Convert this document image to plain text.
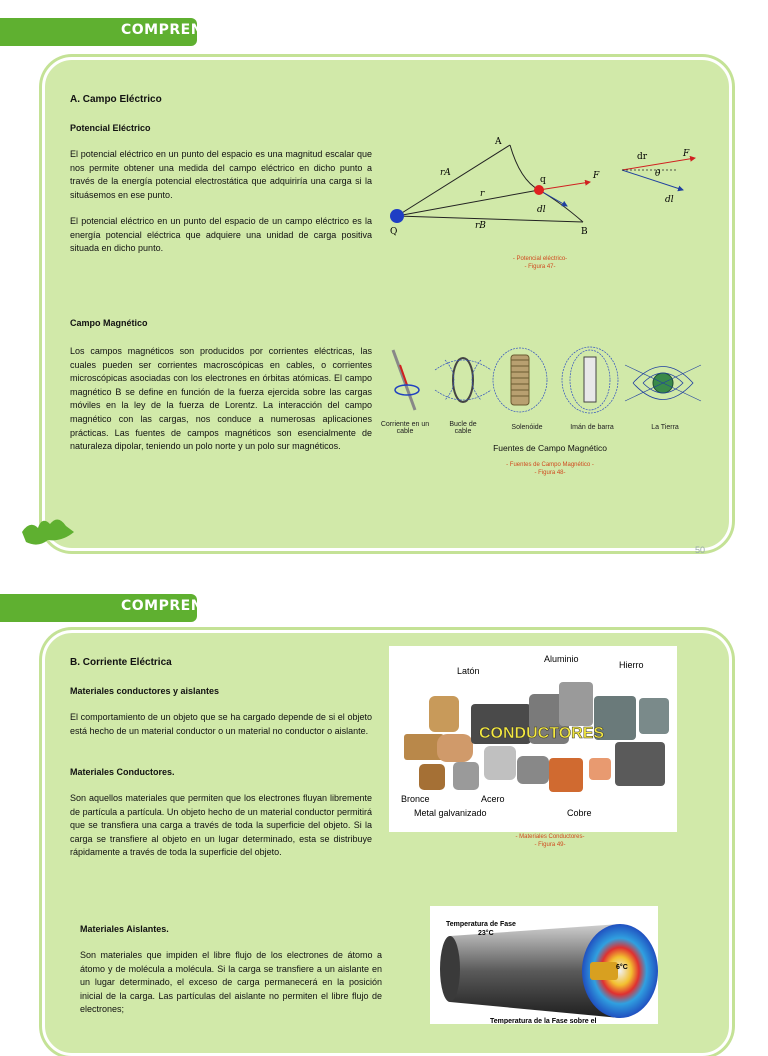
COMPRENDO
A. Campo Eléctrico
Potencial Eléctrico
El potencial eléctrico en un punto del espacio es una magnitud escalar que nos permite obtener una medida del campo eléctrico en dicho punto a través de la energía potencial electrostática que adquiriría una carga si la situásemos en ese punto.
El potencial eléctrico en un punto del espacio de un campo eléctrico es la energía potencial eléctrica que adquiere una unidad de carga positiva situada en dicho punto.
A
B
Q
q
rA
r
rB
F
dl
dr	F
θ
dl
- Potencial eléctrico-
- Figura 47-
Campo Magnético
Los campos magnéticos son producidos por corrientes eléctricas, las cuales pueden ser corrientes macroscópicas en cables, o corrientes microscópicas asociadas con los electrones en órbitas atómicas. El campo magnético B se define en función de la fuerza ejercida sobre las cargas móviles en la ley de la fuerza de Lorentz. La interacción del campo magnético con las cargas, nos conduce a numerosas aplicaciones prácticas. Las fuentes de campos magnéticos son esencialmente de naturaleza dipolar, teniendo un polo norte y un polo sur magnéticos.
Corriente en un cable
Bucle de cable
Solenóide	Imán de barra	La Tierra
Fuentes de Campo Magnético
- Fuentes de Campo Magnético -
- Figura 48-
50
COMPRENDO
B. Corriente Eléctrica
Materiales conductores y aislantes
El comportamiento de un objeto que se ha cargado depende de si el objeto está hecho de un material conductor o un material no conductor o aislante.
Materiales Conductores.
Son aquellos materiales que permiten que los electrones fluyan libremente de partícula a partícula. Un objeto hecho de un material conductor permitirá que se transfiera una carga a través de toda la superficie del objeto. Si la carga se transfiere al objeto en un lugar determinado, esta se distribuye rápidamente a través de toda la superficie del objeto.
CONDUCTORES
Latón
Aluminio
Hierro
Bronce	Acero
Cobre
Metal galvanizado
- Materiales Conductores-
- Figura 49-
Materiales Aislantes.
Son materiales que impiden el libre flujo de los electrones de átomo a átomo y de molécula a molécula. Si la carga se transfiere a un aislante en un lugar determinado, el exceso de carga permanecerá en la posición inicial de la carga. Las partículas del aislante no permiten el libre flujo de electrones;
Temperatura de Fase
23°C
6°C
Temperatura de la Fase sobre el
